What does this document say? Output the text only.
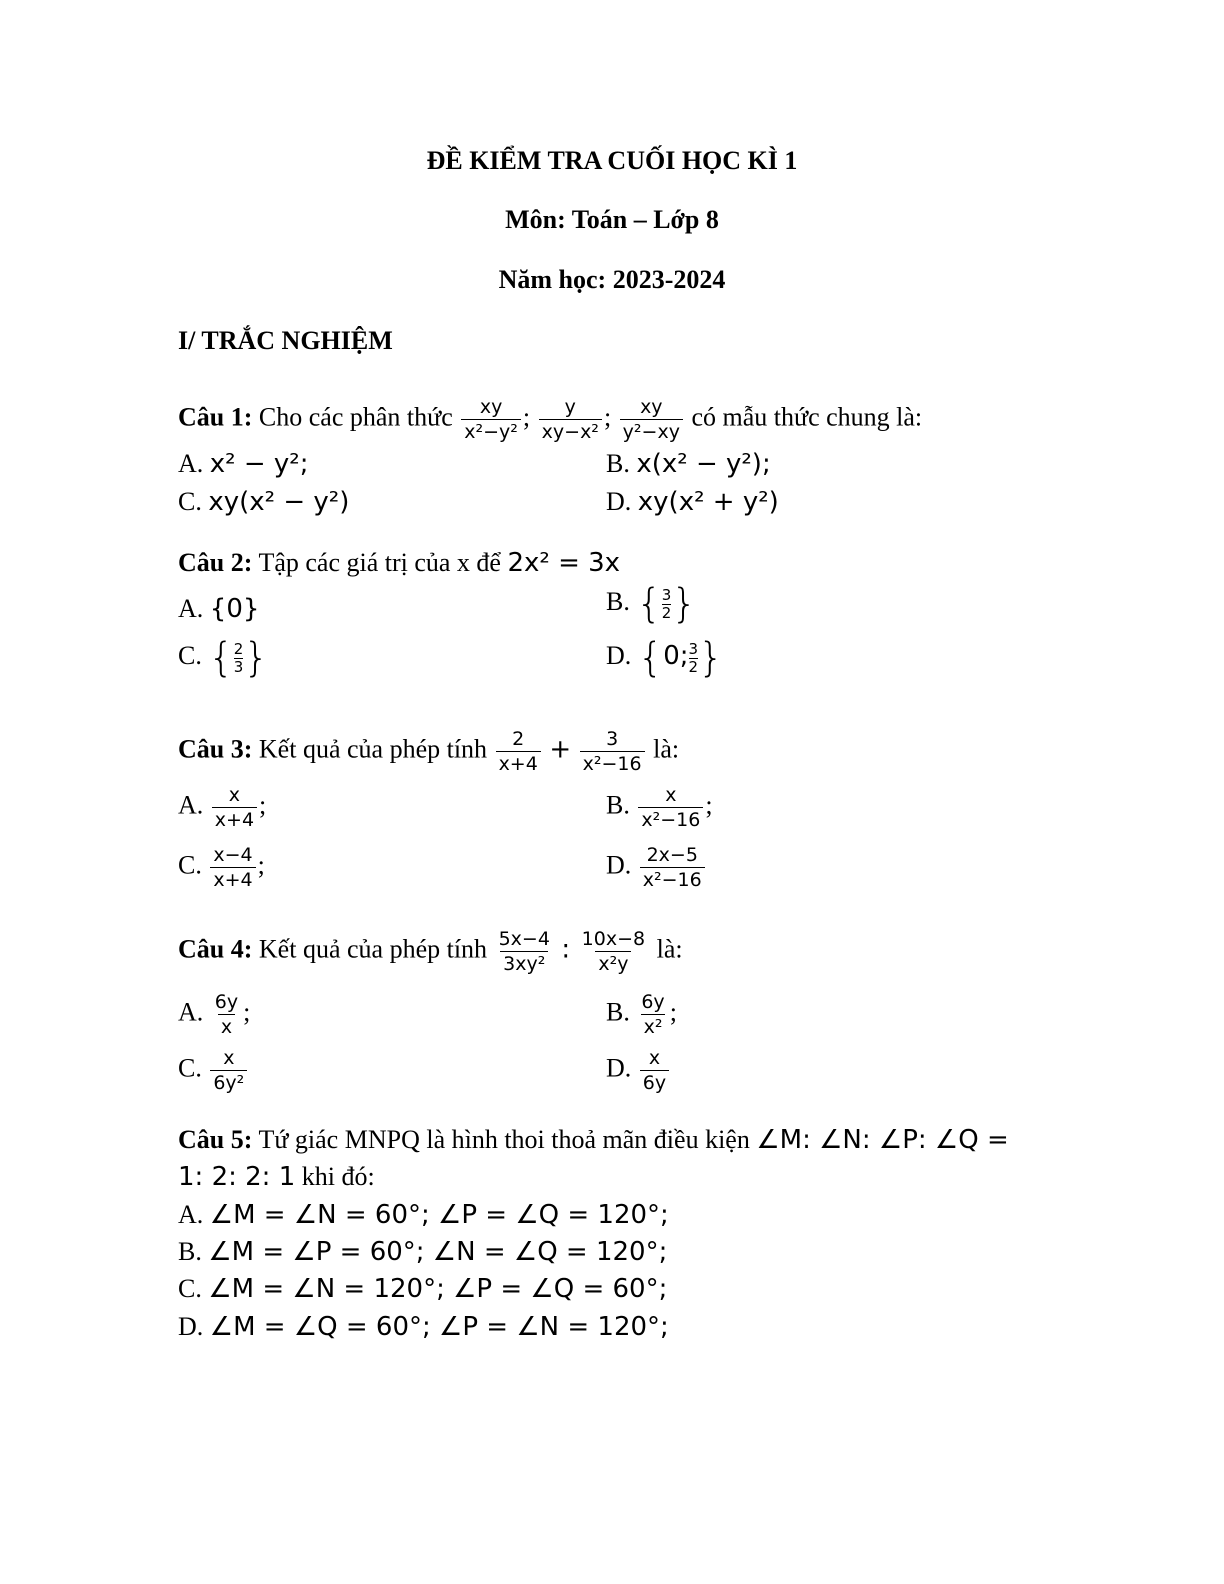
ĐỀ KIỂM TRA CUỐI HỌC KÌ 1
Môn: Toán – Lớp 8
Năm học: 2023-2024
I/ TRẮC NGHIỆM
Câu 1: Cho các phân thức $\frac{xy}{\text{x²−y²}}$ ; $\frac{y}{\text{xy−x²}}$ ; $\frac{xy}{\text{y²−xy}}$ có mẫu thức chung là:
A. x² − y²;	B. x(x² − y²);
C. xy(x² − y²)	D. xy(x² + y²)
Câu 2: Tập các giá trị của x để 2x² = 3x
A. {0}	B. { $\frac{3}{2}$ }
C. { $\frac{2}{3}$ }	D. {0; $\frac{3}{2}$ }
Câu 3: Kết quả của phép tính $\frac{2}{x+4} + \frac{3}{\text{x²−16}}$ là:
A. $\frac{x}{x+4}$ ;	B. $\frac{x}{\text{x²−16}}$ ;
C. $\frac{x-4}{x+4}$ ;	D. $\frac{2x-5}{\text{x²−16}}$
Câu 4: Kết quả của phép tính $\frac{5x-4}{\text{3xy²}}$ : $\frac{10x-8}{\text{x²y}}$ là:
A. $\frac{6y}{x}$ ;	B. $\frac{6y}{\text{x²}}$ ;
C. $\frac{x}{\text{6y²}}$	D. $\frac{x}{6y}$
Câu 5: Tứ giác MNPQ là hình thoi thoả mãn điều kiện ∠M: ∠N: ∠P: ∠Q =
1: 2: 2: 1 khi đó:
A. ∠M = ∠N = 60°; ∠P = ∠Q = 120°;
B. ∠M = ∠P = 60°; ∠N = ∠Q = 120°;
C. ∠M = ∠N = 120°; ∠P = ∠Q = 60°;
D. ∠M = ∠Q = 60°; ∠P = ∠N = 120°;
